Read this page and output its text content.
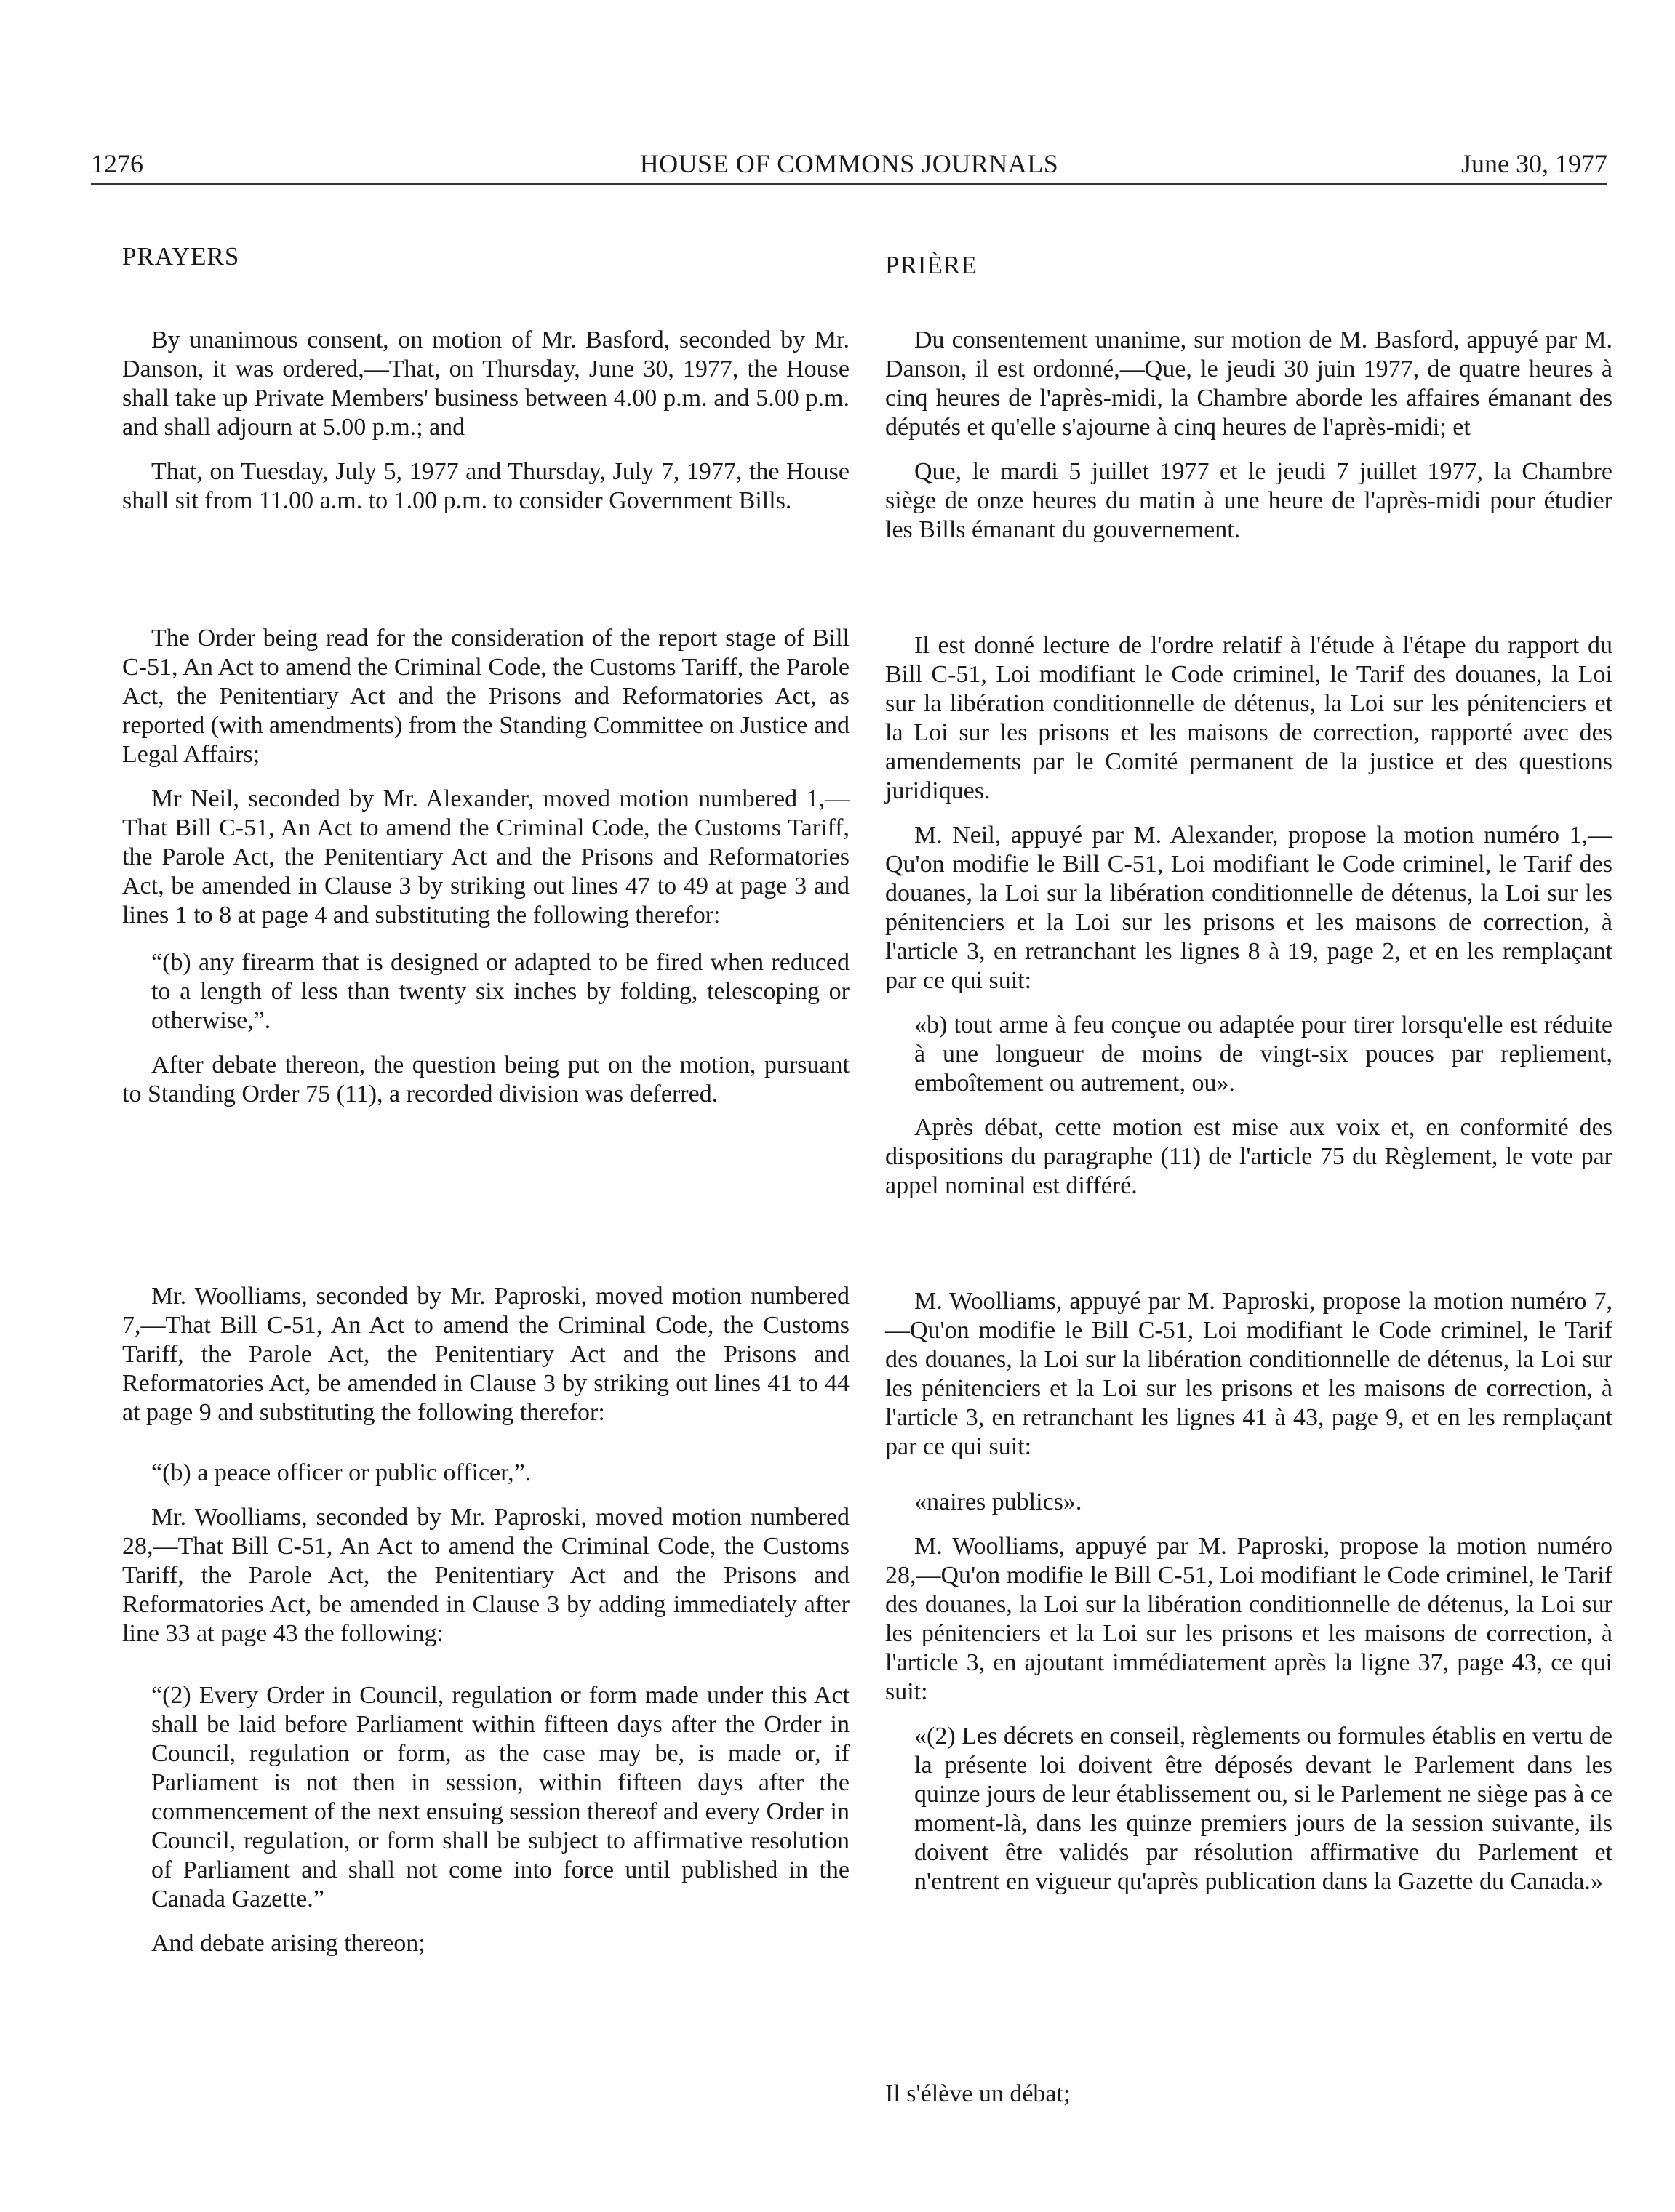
1276	HOUSE OF COMMONS JOURNALS	June 30, 1977
PRAYERS

By unanimous consent, on motion of Mr. Basford, seconded by Mr. Danson, it was ordered,—That, on Thursday, June 30, 1977, the House shall take up Private Members' business between 4.00 p.m. and 5.00 p.m. and shall adjourn at 5.00 p.m.; and

That, on Tuesday, July 5, 1977 and Thursday, July 7, 1977, the House shall sit from 11.00 a.m. to 1.00 p.m. to consider Government Bills.

The Order being read for the consideration of the report stage of Bill C-51, An Act to amend the Criminal Code, the Customs Tariff, the Parole Act, the Penitentiary Act and the Prisons and Reformatories Act, as reported (with amendments) from the Standing Committee on Justice and Legal Affairs;

Mr Neil, seconded by Mr. Alexander, moved motion numbered 1,—That Bill C-51, An Act to amend the Criminal Code, the Customs Tariff, the Parole Act, the Penitentiary Act and the Prisons and Reformatories Act, be amended in Clause 3 by striking out lines 47 to 49 at page 3 and lines 1 to 8 at page 4 and substituting the following therefor:

“(b) any firearm that is designed or adapted to be fired when reduced to a length of less than twenty six inches by folding, telescoping or otherwise,”.

After debate thereon, the question being put on the motion, pursuant to Standing Order 75 (11), a recorded division was deferred.

Mr. Woolliams, seconded by Mr. Paproski, moved motion numbered 7,—That Bill C-51, An Act to amend the Criminal Code, the Customs Tariff, the Parole Act, the Penitentiary Act and the Prisons and Reformatories Act, be amended in Clause 3 by striking out lines 41 to 44 at page 9 and substituting the following therefor:

“(b) a peace officer or public officer,”.

Mr. Woolliams, seconded by Mr. Paproski, moved motion numbered 28,—That Bill C-51, An Act to amend the Criminal Code, the Customs Tariff, the Parole Act, the Penitentiary Act and the Prisons and Reformatories Act, be amended in Clause 3 by adding immediately after line 33 at page 43 the following:

“(2) Every Order in Council, regulation or form made under this Act shall be laid before Parliament within fifteen days after the Order in Council, regulation or form, as the case may be, is made or, if Parliament is not then in session, within fifteen days after the commencement of the next ensuing session thereof and every Order in Council, regulation, or form shall be subject to affirmative resolution of Parliament and shall not come into force until published in the Canada Gazette.”

And debate arising thereon;

PRIÈRE

Du consentement unanime, sur motion de M. Basford, appuyé par M. Danson, il est ordonné,—Que, le jeudi 30 juin 1977, de quatre heures à cinq heures de l'après-midi, la Chambre aborde les affaires émanant des députés et qu'elle s'ajourne à cinq heures de l'après-midi; et

Que, le mardi 5 juillet 1977 et le jeudi 7 juillet 1977, la Chambre siège de onze heures du matin à une heure de l'après-midi pour étudier les Bills émanant du gouvernement.

Il est donné lecture de l'ordre relatif à l'étude à l'étape du rapport du Bill C-51, Loi modifiant le Code criminel, le Tarif des douanes, la Loi sur la libération conditionnelle de détenus, la Loi sur les pénitenciers et la Loi sur les prisons et les maisons de correction, rapporté avec des amendements par le Comité permanent de la justice et des questions juridiques.

M. Neil, appuyé par M. Alexander, propose la motion numéro 1,—Qu'on modifie le Bill C-51, Loi modifiant le Code criminel, le Tarif des douanes, la Loi sur la libération conditionnelle de détenus, la Loi sur les pénitenciers et la Loi sur les prisons et les maisons de correction, à l'article 3, en retranchant les lignes 8 à 19, page 2, et en les remplaçant par ce qui suit:

«b) tout arme à feu conçue ou adaptée pour tirer lorsqu'elle est réduite à une longueur de moins de vingt-six pouces par repliement, emboîtement ou autrement, ou».

Après débat, cette motion est mise aux voix et, en conformité des dispositions du paragraphe (11) de l'article 75 du Règlement, le vote par appel nominal est différé.

M. Woolliams, appuyé par M. Paproski, propose la motion numéro 7,—Qu'on modifie le Bill C-51, Loi modifiant le Code criminel, le Tarif des douanes, la Loi sur la libération conditionnelle de détenus, la Loi sur les pénitenciers et la Loi sur les prisons et les maisons de correction, à l'article 3, en retranchant les lignes 41 à 43, page 9, et en les remplaçant par ce qui suit:

«naires publics».

M. Woolliams, appuyé par M. Paproski, propose la motion numéro 28,—Qu'on modifie le Bill C-51, Loi modifiant le Code criminel, le Tarif des douanes, la Loi sur la libération conditionnelle de détenus, la Loi sur les pénitenciers et la Loi sur les prisons et les maisons de correction, à l'article 3, en ajoutant immédiatement après la ligne 37, page 43, ce qui suit:

«(2) Les décrets en conseil, règlements ou formules établis en vertu de la présente loi doivent être déposés devant le Parlement dans les quinze jours de leur établissement ou, si le Parlement ne siège pas à ce moment-là, dans les quinze premiers jours de la session suivante, ils doivent être validés par résolution affirmative du Parlement et n'entrent en vigueur qu'après publication dans la Gazette du Canada.»

Il s'élève un débat;
